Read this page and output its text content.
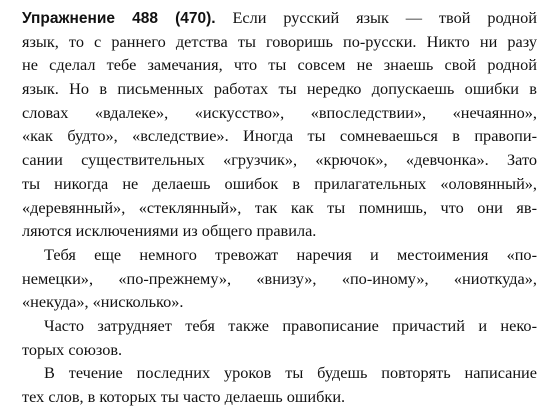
Упражнение 488 (470). Если русский язык — твой родной
язык, то с раннего детства ты говоришь по-русски. Никто ни разу
не сделал тебе замечания, что ты совсем не знаешь свой родной
язык. Но в письменных работах ты нередко допускаешь ошибки в
словах «вдалеке», «искусство», «впоследствии», «нечаянно»,
«как будто», «вследствие». Иногда ты сомневаешься в правопи-
сании существительных «грузчик», «крючок», «девчонка». Зато
ты никогда не делаешь ошибок в прилагательных «оловянный»,
«деревянный», «стеклянный», так как ты помнишь, что они яв-
ляются исключениями из общего правила.
Тебя еще немного тревожат наречия и местоимения «по-
немецки», «по-прежнему», «внизу», «по-иному», «ниоткуда»,
«некуда», «нисколько».
Часто затрудняет тебя также правописание причастий и неко-
торых союзов.
В течение последних уроков ты будешь повторять написание
тех слов, в которых ты часто делаешь ошибки.
